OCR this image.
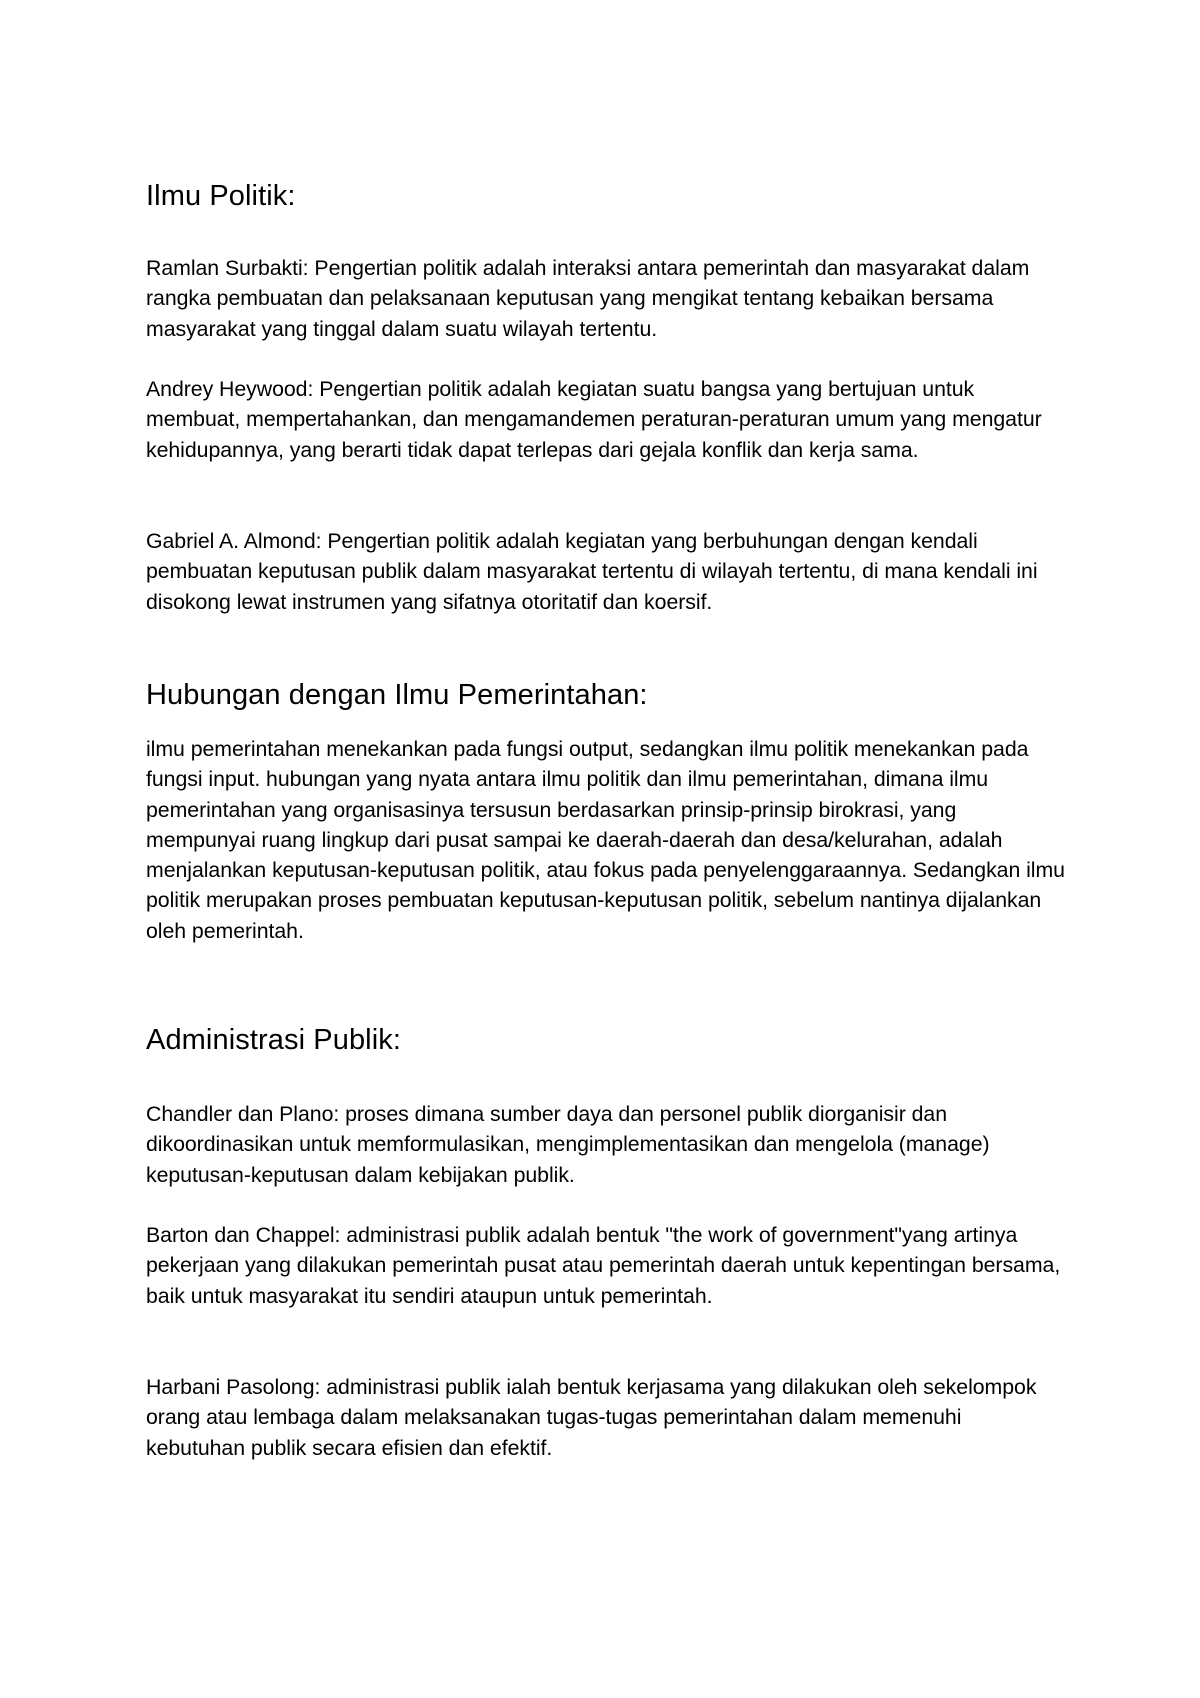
Ilmu Politik:

Ramlan Surbakti: Pengertian politik adalah interaksi antara pemerintah dan masyarakat dalam rangka pembuatan dan pelaksanaan keputusan yang mengikat tentang kebaikan bersama masyarakat yang tinggal dalam suatu wilayah tertentu.

Andrey Heywood: Pengertian politik adalah kegiatan suatu bangsa yang bertujuan untuk membuat, mempertahankan, dan mengamandemen peraturan-peraturan umum yang mengatur kehidupannya, yang berarti tidak dapat terlepas dari gejala konflik dan kerja sama.

Gabriel A. Almond: Pengertian politik adalah kegiatan yang berbuhungan dengan kendali pembuatan keputusan publik dalam masyarakat tertentu di wilayah tertentu, di mana kendali ini disokong lewat instrumen yang sifatnya otoritatif dan koersif.

Hubungan dengan Ilmu Pemerintahan:

ilmu pemerintahan menekankan pada fungsi output, sedangkan ilmu politik menekankan pada fungsi input. hubungan yang nyata antara ilmu politik dan ilmu pemerintahan, dimana ilmu pemerintahan yang organisasinya tersusun berdasarkan prinsip-prinsip birokrasi, yang mempunyai ruang lingkup dari pusat sampai ke daerah-daerah dan desa/kelurahan, adalah menjalankan keputusan-keputusan politik, atau fokus pada penyelenggaraannya. Sedangkan ilmu politik merupakan proses pembuatan keputusan-keputusan politik, sebelum nantinya dijalankan oleh pemerintah.

Administrasi Publik:

Chandler dan Plano: proses dimana sumber daya dan personel publik diorganisir dan dikoordinasikan untuk memformulasikan, mengimplementasikan dan mengelola (manage) keputusan-keputusan dalam kebijakan publik.

Barton dan Chappel: administrasi publik adalah bentuk "the work of government"yang artinya pekerjaan yang dilakukan pemerintah pusat atau pemerintah daerah untuk kepentingan bersama, baik untuk masyarakat itu sendiri ataupun untuk pemerintah.

Harbani Pasolong: administrasi publik ialah bentuk kerjasama yang dilakukan oleh sekelompok orang atau lembaga dalam melaksanakan tugas-tugas pemerintahan dalam memenuhi kebutuhan publik secara efisien dan efektif.
